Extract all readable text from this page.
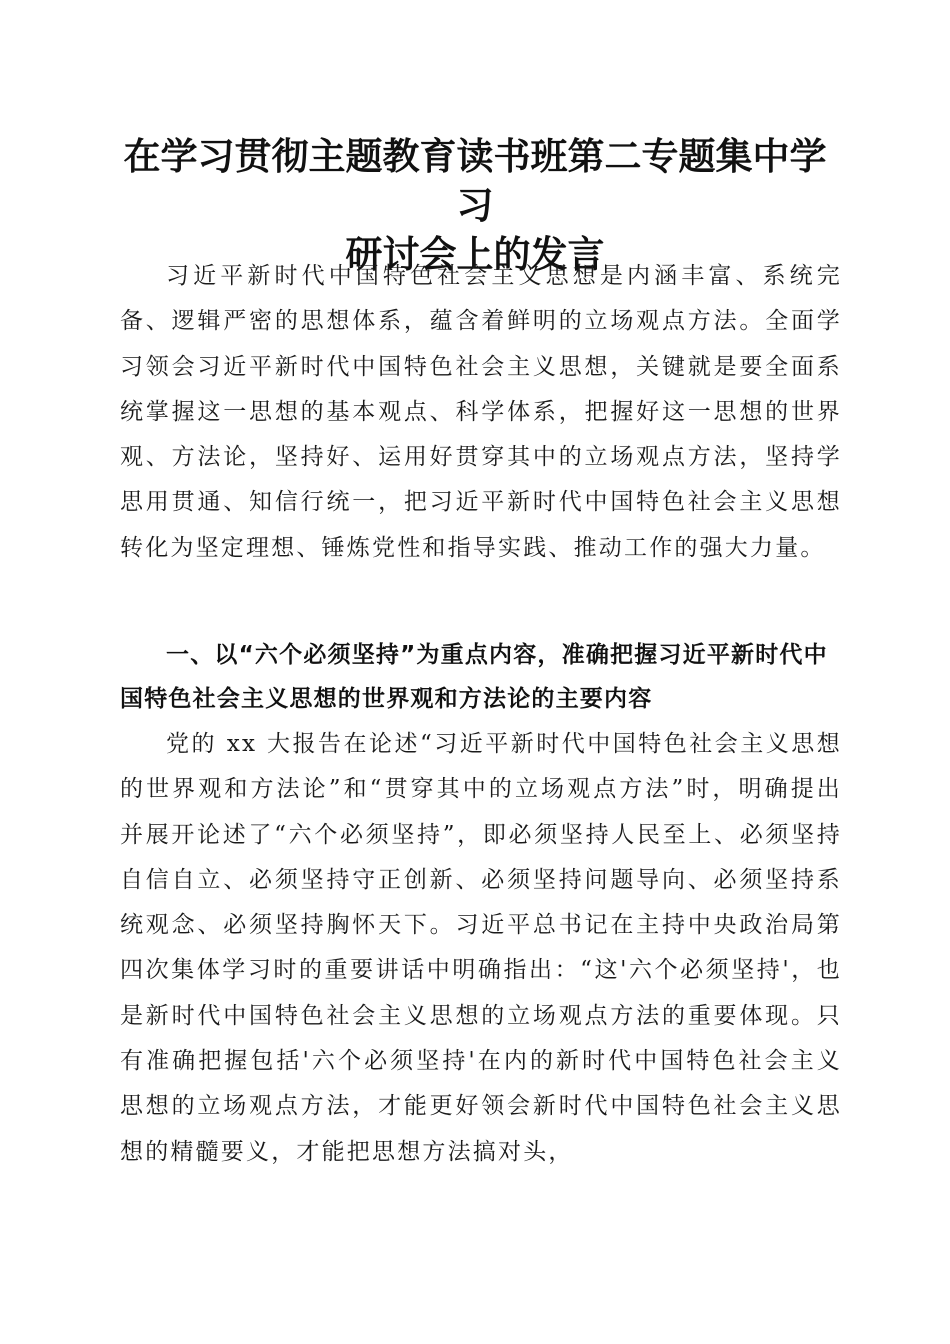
在学习贯彻主题教育读书班第二专题集中学习
研讨会上的发言

习近平新时代中国特色社会主义思想是内涵丰富、系统完备、逻辑严密的思想体系，蕴含着鲜明的立场观点方法。全面学习领会习近平新时代中国特色社会主义思想，关键就是要全面系统掌握这一思想的基本观点、科学体系，把握好这一思想的世界观、方法论，坚持好、运用好贯穿其中的立场观点方法，坚持学思用贯通、知信行统一，把习近平新时代中国特色社会主义思想转化为坚定理想、锤炼党性和指导实践、推动工作的强大力量。

一、以“六个必须坚持”为重点内容，准确把握习近平新时代中国特色社会主义思想的世界观和方法论的主要内容

党的 xx 大报告在论述“习近平新时代中国特色社会主义思想的世界观和方法论”和“贯穿其中的立场观点方法”时，明确提出并展开论述了“六个必须坚持”，即必须坚持人民至上、必须坚持自信自立、必须坚持守正创新、必须坚持问题导向、必须坚持系统观念、必须坚持胸怀天下。习近平总书记在主持中央政治局第四次集体学习时的重要讲话中明确指出：“这'六个必须坚持'，也是新时代中国特色社会主义思想的立场观点方法的重要体现。只有准确把握包括'六个必须坚持'在内的新时代中国特色社会主义思想的立场观点方法，才能更好领会新时代中国特色社会主义思想的精髓要义，才能把思想方法搞对头，
